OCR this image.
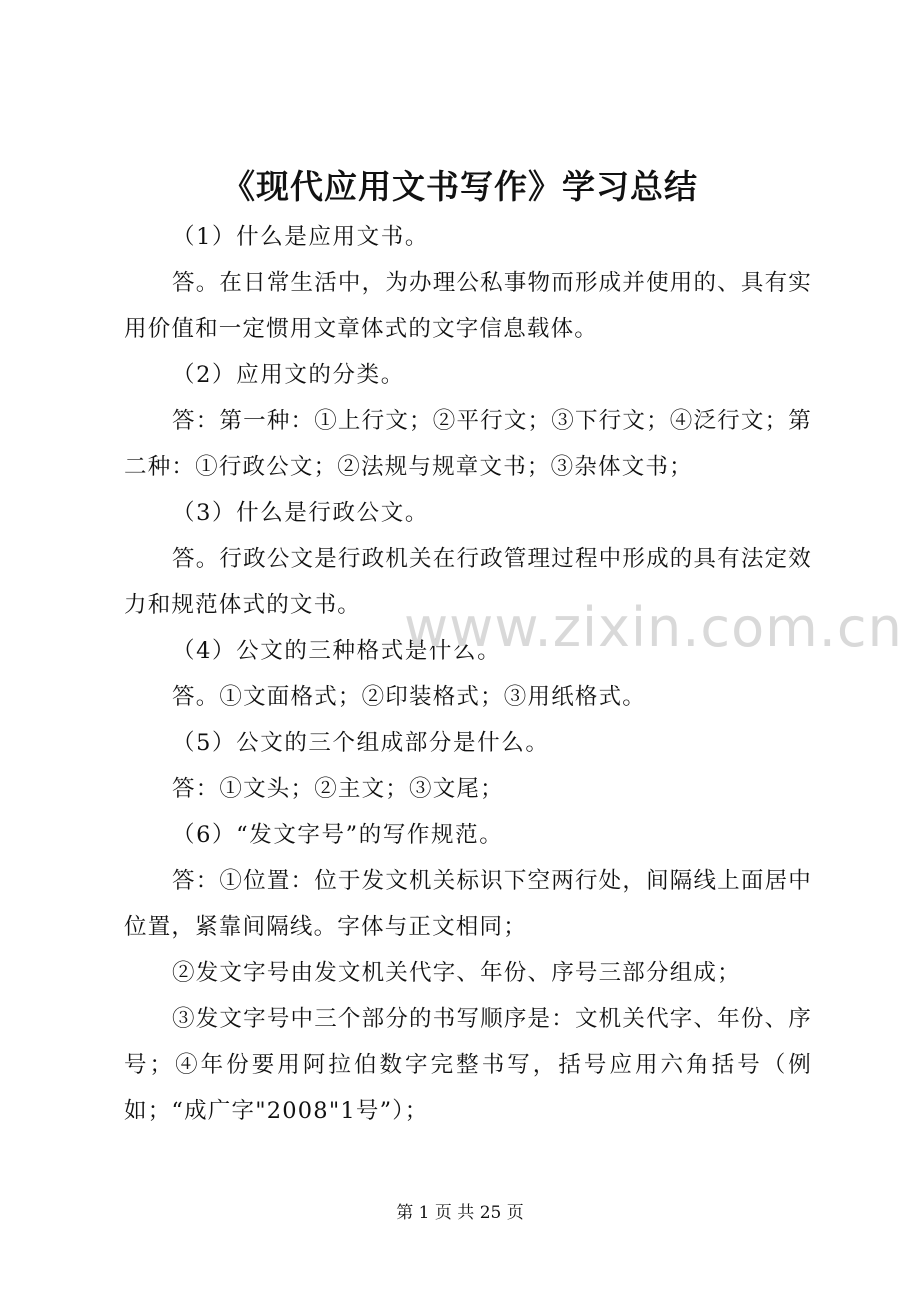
《现代应用文书写作》学习总结

（1）什么是应用文书。

答。在日常生活中，为办理公私事物而形成并使用的、具有实用价值和一定惯用文章体式的文字信息载体。

（2）应用文的分类。

答：第一种：①上行文；②平行文；③下行文；④泛行文；第二种：①行政公文；②法规与规章文书；③杂体文书；

（3）什么是行政公文。

答。行政公文是行政机关在行政管理过程中形成的具有法定效力和规范体式的文书。

（4）公文的三种格式是什么。

答。①文面格式；②印装格式；③用纸格式。

（5）公文的三个组成部分是什么。

答：①文头；②主文；③文尾；

（6）“发文字号”的写作规范。

答：①位置：位于发文机关标识下空两行处，间隔线上面居中位置，紧靠间隔线。字体与正文相同；

②发文字号由发文机关代字、年份、序号三部分组成；

③发文字号中三个部分的书写顺序是：文机关代字、年份、序号；④年份要用阿拉伯数字完整书写，括号应用六角括号（例如；“成广字"2008"1号”）；

www.zixin.com.cn
第 1 页 共 25 页
